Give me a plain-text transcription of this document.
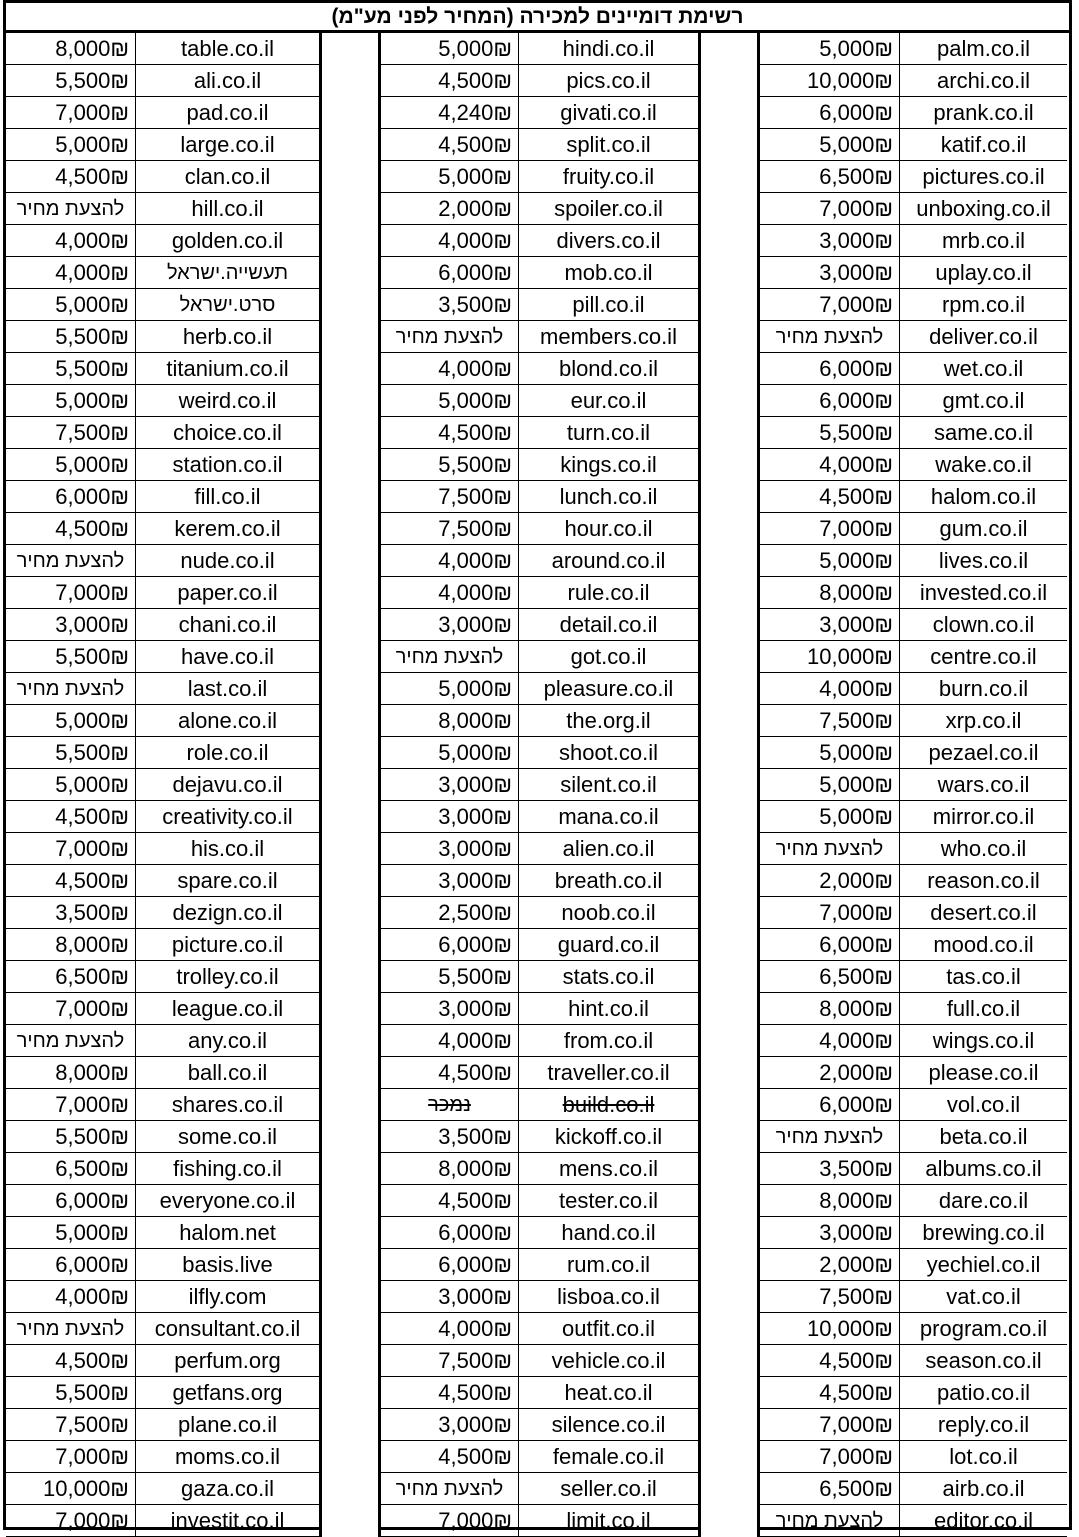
רשימת דומיינים למכירה (המחיר לפני מע"מ)
8,000₪	table.co.il	5,000₪	hindi.co.il	5,000₪	palm.co.il
5,500₪	ali.co.il	4,500₪	pics.co.il	10,000₪	archi.co.il
7,000₪	pad.co.il	4,240₪	givati.co.il	6,000₪	prank.co.il
5,000₪	large.co.il	4,500₪	split.co.il	5,000₪	katif.co.il
4,500₪	clan.co.il	5,000₪	fruity.co.il	6,500₪	pictures.co.il
להצעת מחיר	hill.co.il	2,000₪	spoiler.co.il	7,000₪	unboxing.co.il
4,000₪	golden.co.il	4,000₪	divers.co.il	3,000₪	mrb.co.il
4,000₪	תעשייה.ישראל	6,000₪	mob.co.il	3,000₪	uplay.co.il
5,000₪	סרט.ישראל	3,500₪	pill.co.il	7,000₪	rpm.co.il
5,500₪	herb.co.il	להצעת מחיר	members.co.il	להצעת מחיר	deliver.co.il
5,500₪	titanium.co.il	4,000₪	blond.co.il	6,000₪	wet.co.il
5,000₪	weird.co.il	5,000₪	eur.co.il	6,000₪	gmt.co.il
7,500₪	choice.co.il	4,500₪	turn.co.il	5,500₪	same.co.il
5,000₪	station.co.il	5,500₪	kings.co.il	4,000₪	wake.co.il
6,000₪	fill.co.il	7,500₪	lunch.co.il	4,500₪	halom.co.il
4,500₪	kerem.co.il	7,500₪	hour.co.il	7,000₪	gum.co.il
להצעת מחיר	nude.co.il	4,000₪	around.co.il	5,000₪	lives.co.il
7,000₪	paper.co.il	4,000₪	rule.co.il	8,000₪	invested.co.il
3,000₪	chani.co.il	3,000₪	detail.co.il	3,000₪	clown.co.il
5,500₪	have.co.il	להצעת מחיר	got.co.il	10,000₪	centre.co.il
להצעת מחיר	last.co.il	5,000₪	pleasure.co.il	4,000₪	burn.co.il
5,000₪	alone.co.il	8,000₪	the.org.il	7,500₪	xrp.co.il
5,500₪	role.co.il	5,000₪	shoot.co.il	5,000₪	pezael.co.il
5,000₪	dejavu.co.il	3,000₪	silent.co.il	5,000₪	wars.co.il
4,500₪	creativity.co.il	3,000₪	mana.co.il	5,000₪	mirror.co.il
7,000₪	his.co.il	3,000₪	alien.co.il	להצעת מחיר	who.co.il
4,500₪	spare.co.il	3,000₪	breath.co.il	2,000₪	reason.co.il
3,500₪	dezign.co.il	2,500₪	noob.co.il	7,000₪	desert.co.il
8,000₪	picture.co.il	6,000₪	guard.co.il	6,000₪	mood.co.il
6,500₪	trolley.co.il	5,500₪	stats.co.il	6,500₪	tas.co.il
7,000₪	league.co.il	3,000₪	hint.co.il	8,000₪	full.co.il
להצעת מחיר	any.co.il	4,000₪	from.co.il	4,000₪	wings.co.il
8,000₪	ball.co.il	4,500₪	traveller.co.il	2,000₪	please.co.il
7,000₪	shares.co.il	נמכר	build.co.il	6,000₪	vol.co.il
5,500₪	some.co.il	3,500₪	kickoff.co.il	להצעת מחיר	beta.co.il
6,500₪	fishing.co.il	8,000₪	mens.co.il	3,500₪	albums.co.il
6,000₪	everyone.co.il	4,500₪	tester.co.il	8,000₪	dare.co.il
5,000₪	halom.net	6,000₪	hand.co.il	3,000₪	brewing.co.il
6,000₪	basis.live	6,000₪	rum.co.il	2,000₪	yechiel.co.il
4,000₪	ilfly.com	3,000₪	lisboa.co.il	7,500₪	vat.co.il
להצעת מחיר	consultant.co.il	4,000₪	outfit.co.il	10,000₪	program.co.il
4,500₪	perfum.org	7,500₪	vehicle.co.il	4,500₪	season.co.il
5,500₪	getfans.org	4,500₪	heat.co.il	4,500₪	patio.co.il
7,500₪	plane.co.il	3,000₪	silence.co.il	7,000₪	reply.co.il
7,000₪	moms.co.il	4,500₪	female.co.il	7,000₪	lot.co.il
10,000₪	gaza.co.il	להצעת מחיר	seller.co.il	6,500₪	airb.co.il
7,000₪	investit.co.il	7,000₪	limit.co.il	להצעת מחיר	editor.co.il
